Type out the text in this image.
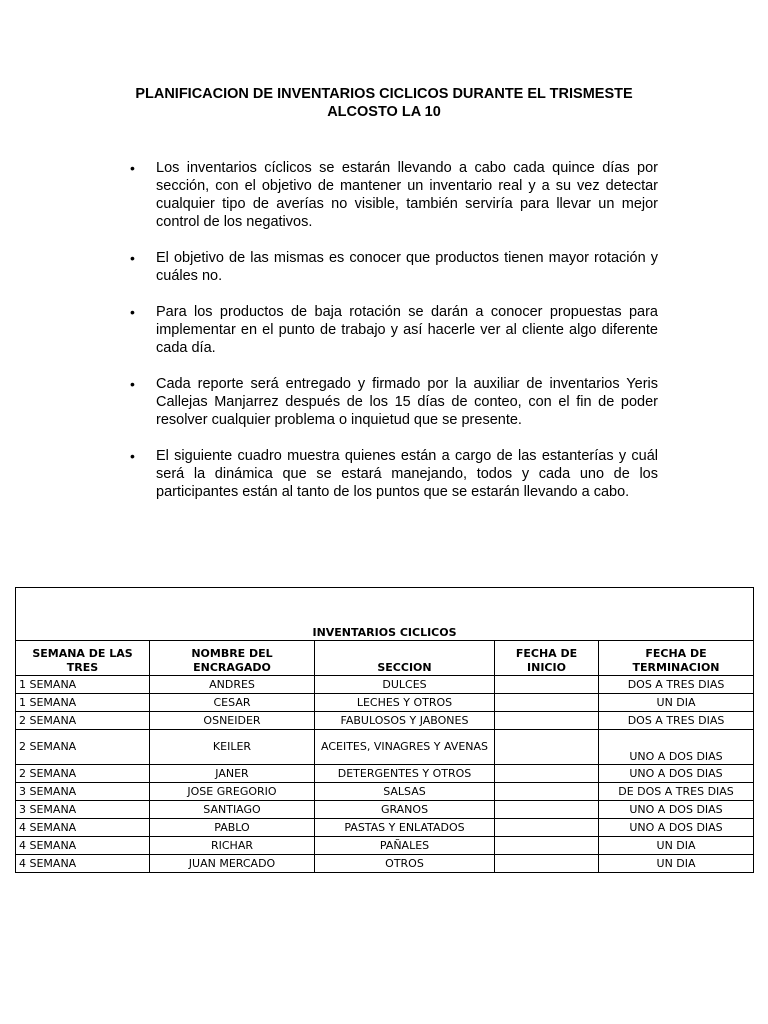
PLANIFICACION DE INVENTARIOS CICLICOS DURANTE EL TRISMESTE
ALCOSTO LA 10
•	Los inventarios cíclicos se estarán llevando a cabo cada quince días por sección, con el objetivo de mantener un inventario real y a su vez detectar cualquier tipo de averías no visible, también serviría para llevar un mejor control de los negativos.
•	El objetivo de las mismas es conocer que productos tienen mayor rotación y cuáles no.
•	Para los productos de baja rotación se darán a conocer propuestas para implementar en el punto de trabajo y así hacerle ver al cliente algo diferente cada día.
•	Cada reporte será entregado y firmado por la auxiliar de inventarios Yeris Callejas Manjarrez después de los 15 días de conteo, con el fin de poder resolver cualquier problema o inquietud que se presente.
•	El siguiente cuadro muestra quienes están a cargo de las estanterías y cuál será la dinámica que se estará manejando, todos y cada uno de los participantes están al tanto de los puntos que se estarán llevando a cabo.
INVENTARIOS CICLICOS				
SEMANA DE LAS TRES	NOMBRE DEL ENCRAGADO	SECCION	FECHA DE INICIO	FECHA DE TERMINACION
1 SEMANA	ANDRES	DULCES		DOS A TRES DIAS
1 SEMANA	CESAR	LECHES Y OTROS		UN DIA
2 SEMANA	OSNEIDER	FABULOSOS Y JABONES		DOS A TRES DIAS
2 SEMANA	KEILER	ACEITES, VINAGRES Y AVENAS		UNO A DOS DIAS
2 SEMANA	JANER	DETERGENTES Y OTROS		UNO A DOS DIAS
3 SEMANA	JOSE GREGORIO	SALSAS		DE DOS A TRES DIAS
3 SEMANA	SANTIAGO	GRANOS		UNO A DOS DIAS
4 SEMANA	PABLO	PASTAS Y ENLATADOS		UNO A DOS DIAS
4 SEMANA	RICHAR	PAÑALES		UN DIA
4 SEMANA	JUAN MERCADO	OTROS		UN DIA
